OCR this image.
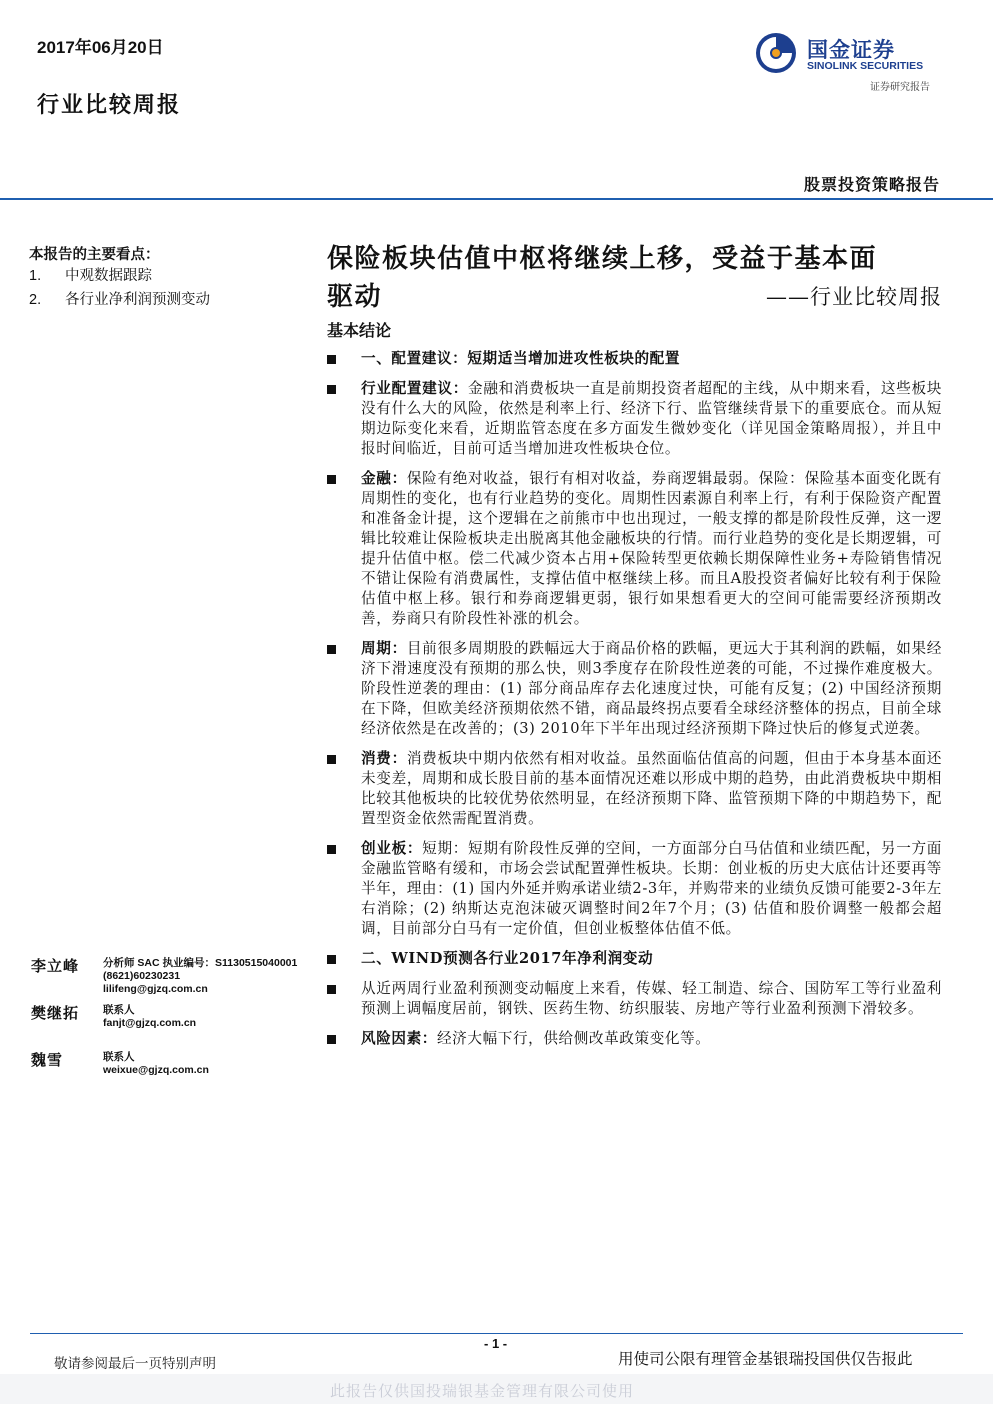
2017年06月20日
行业比较周报
国金证券
SINOLINK SECURITIES
证券研究报告
股票投资策略报告
本报告的主要看点：
1. 中观数据跟踪
2. 各行业净利润预测变动
保险板块估值中枢将继续上移，受益于基本面
驱动	——行业比较周报
基本结论
一、配置建议：短期适当增加进攻性板块的配置
行业配置建议：金融和消费板块一直是前期投资者超配的主线，从中期来看，这些板块没有什么大的风险，依然是利率上行、经济下行、监管继续背景下的重要底仓。而从短期边际变化来看，近期监管态度在多方面发生微妙变化（详见国金策略周报），并且中报时间临近，目前可适当增加进攻性板块仓位。
金融：保险有绝对收益，银行有相对收益，券商逻辑最弱。保险：保险基本面变化既有周期性的变化，也有行业趋势的变化。周期性因素源自利率上行，有利于保险资产配置和准备金计提，这个逻辑在之前熊市中也出现过，一般支撑的都是阶段性反弹，这一逻辑比较难让保险板块走出脱离其他金融板块的行情。而行业趋势的变化是长期逻辑，可提升估值中枢。偿二代减少资本占用+保险转型更依赖长期保障性业务+寿险销售情况不错让保险有消费属性，支撑估值中枢继续上移。而且A股投资者偏好比较有利于保险估值中枢上移。银行和券商逻辑更弱，银行如果想看更大的空间可能需要经济预期改善，券商只有阶段性补涨的机会。
周期：目前很多周期股的跌幅远大于商品价格的跌幅，更远大于其利润的跌幅，如果经济下滑速度没有预期的那么快，则3季度存在阶段性逆袭的可能，不过操作难度极大。阶段性逆袭的理由：(1) 部分商品库存去化速度过快，可能有反复；(2) 中国经济预期在下降，但欧美经济预期依然不错，商品最终拐点要看全球经济整体的拐点，目前全球经济依然是在改善的；(3) 2010年下半年出现过经济预期下降过快后的修复式逆袭。
消费：消费板块中期内依然有相对收益。虽然面临估值高的问题，但由于本身基本面还未变差，周期和成长股目前的基本面情况还难以形成中期的趋势，由此消费板块中期相比较其他板块的比较优势依然明显，在经济预期下降、监管预期下降的中期趋势下，配置型资金依然需配置消费。
创业板：短期：短期有阶段性反弹的空间，一方面部分白马估值和业绩匹配，另一方面金融监管略有缓和，市场会尝试配置弹性板块。长期：创业板的历史大底估计还要再等半年，理由：(1) 国内外延并购承诺业绩2-3年，并购带来的业绩负反馈可能要2-3年左右消除；(2) 纳斯达克泡沫破灭调整时间2年7个月；(3) 估值和股价调整一般都会超调，目前部分白马有一定价值，但创业板整体估值不低。
二、WIND预测各行业2017年净利润变动
从近两周行业盈利预测变动幅度上来看，传媒、轻工制造、综合、国防军工等行业盈利预测上调幅度居前，钢铁、医药生物、纺织服装、房地产等行业盈利预测下滑较多。
风险因素：经济大幅下行，供给侧改革政策变化等。
李立峰 分析师 SAC 执业编号：S1130515040001
(8621)60230231
lilifeng@gjzq.com.cn
樊继拓 联系人
fanjt@gjzq.com.cn
魏雪	联系人
weixue@gjzq.com.cn
- 1 -
敬请参阅最后一页特别声明	用使司公限有理管金基银瑞投国供仅告报此
此报告仅供国投瑞银基金管理有限公司使用
